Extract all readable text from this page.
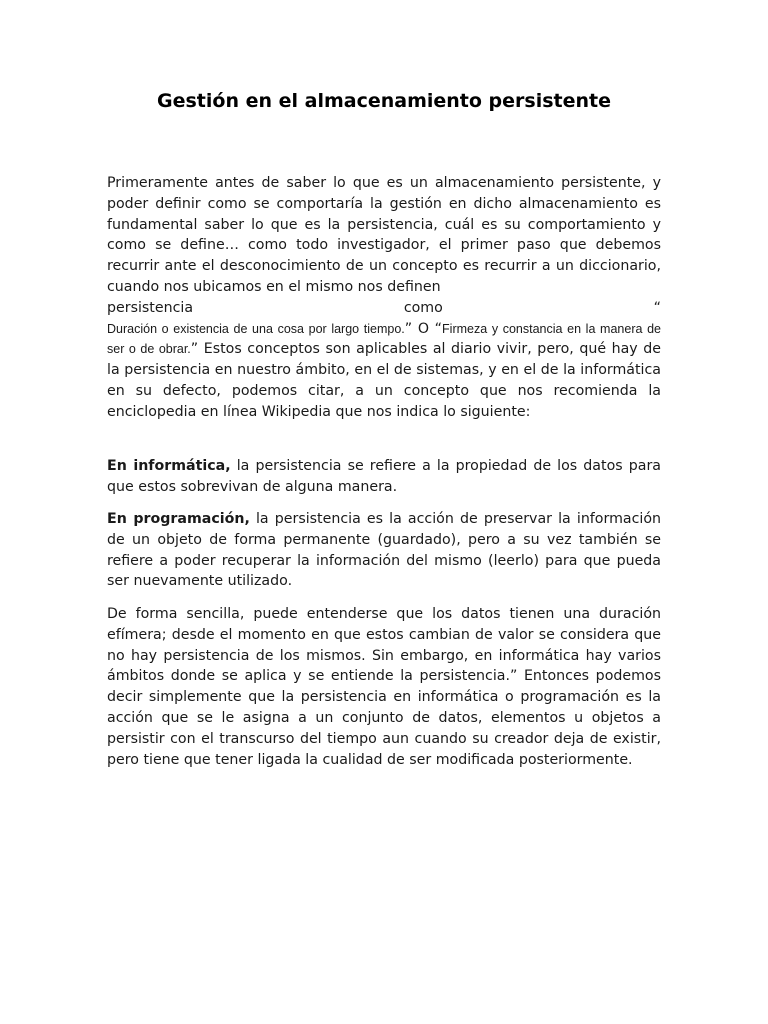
Gestión en el almacenamiento persistente

Primeramente antes de saber lo que es un almacenamiento persistente, y poder definir como se comportaría la gestión en dicho almacenamiento es fundamental saber lo que es la persistencia, cuál es su comportamiento y como se define… como todo investigador, el primer paso que debemos recurrir ante el desconocimiento de un concepto es recurrir a un diccionario, cuando nos ubicamos en el mismo nos definen
persistencia	como	“
Duración o existencia de una cosa por largo tiempo.” O “Firmeza y constancia en la manera de ser o de obrar.” Estos conceptos son aplicables al diario vivir, pero, qué hay de la persistencia en nuestro ámbito, en el de sistemas, y en el de la informática en su defecto, podemos citar, a un concepto que nos recomienda la enciclopedia en línea Wikipedia que nos indica lo siguiente:

En informática, la persistencia se refiere a la propiedad de los datos para que estos sobrevivan de alguna manera.

En programación, la persistencia es la acción de preservar la información de un objeto de forma permanente (guardado), pero a su vez también se refiere a poder recuperar la información del mismo (leerlo) para que pueda ser nuevamente utilizado.

De forma sencilla, puede entenderse que los datos tienen una duración efímera; desde el momento en que estos cambian de valor se considera que no hay persistencia de los mismos. Sin embargo, en informática hay varios ámbitos donde se aplica y se entiende la persistencia.” Entonces podemos decir simplemente que la persistencia en informática o programación es la acción que se le asigna a un conjunto de datos, elementos u objetos a persistir con el transcurso del tiempo aun cuando su creador deja de existir, pero tiene que tener ligada la cualidad de ser modificada posteriormente.
